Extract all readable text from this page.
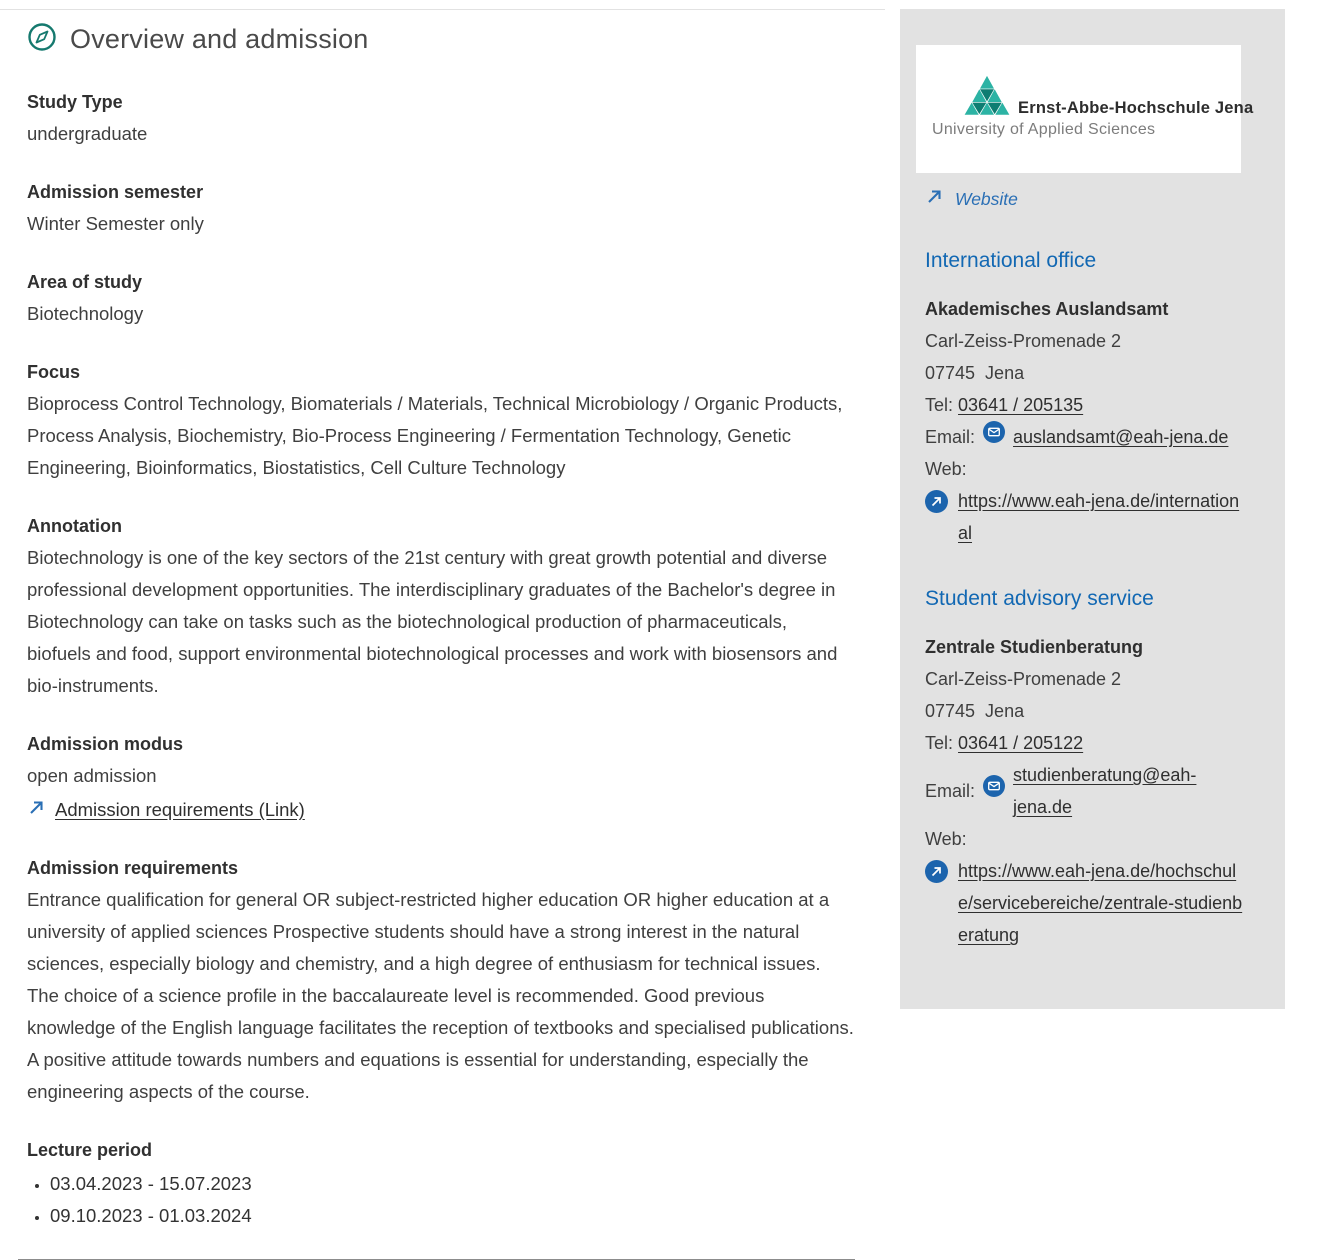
Overview and admission
Study Type
undergraduate
Admission semester
Winter Semester only
Area of study
Biotechnology
Focus
Bioprocess Control Technology, Biomaterials / Materials, Technical Microbiology / Organic Products, Process Analysis, Biochemistry, Bio-Process Engineering / Fermentation Technology, Genetic Engineering, Bioinformatics, Biostatistics, Cell Culture Technology
Annotation
Biotechnology is one of the key sectors of the 21st century with great growth potential and diverse professional development opportunities. The interdisciplinary graduates of the Bachelor's degree in Biotechnology can take on tasks such as the biotechnological production of pharmaceuticals, biofuels and food, support environmental biotechnological processes and work with biosensors and bio-instruments.
Admission modus
open admission
Admission requirements (Link)
Admission requirements
Entrance qualification for general OR subject-restricted higher education OR higher education at a university of applied sciences Prospective students should have a strong interest in the natural sciences, especially biology and chemistry, and a high degree of enthusiasm for technical issues. The choice of a science profile in the baccalaureate level is recommended. Good previous knowledge of the English language facilitates the reception of textbooks and specialised publications. A positive attitude towards numbers and equations is essential for understanding, especially the engineering aspects of the course.
Lecture period
• 03.04.2023 - 15.07.2023
• 09.10.2023 - 01.03.2024
Ernst-Abbe-Hochschule Jena
University of Applied Sciences
Website
International office
Akademisches Auslandsamt
Carl-Zeiss-Promenade 2
07745  Jena
Tel: 03641 / 205135
Email: auslandsamt@eah-jena.de
Web:
https://www.eah-jena.de/international
Student advisory service
Zentrale Studienberatung
Carl-Zeiss-Promenade 2
07745  Jena
Tel: 03641 / 205122
Email:
studienberatung@eah-jena.de
Web:
https://www.eah-jena.de/hochschule/servicebereiche/zentrale-studienberatung
